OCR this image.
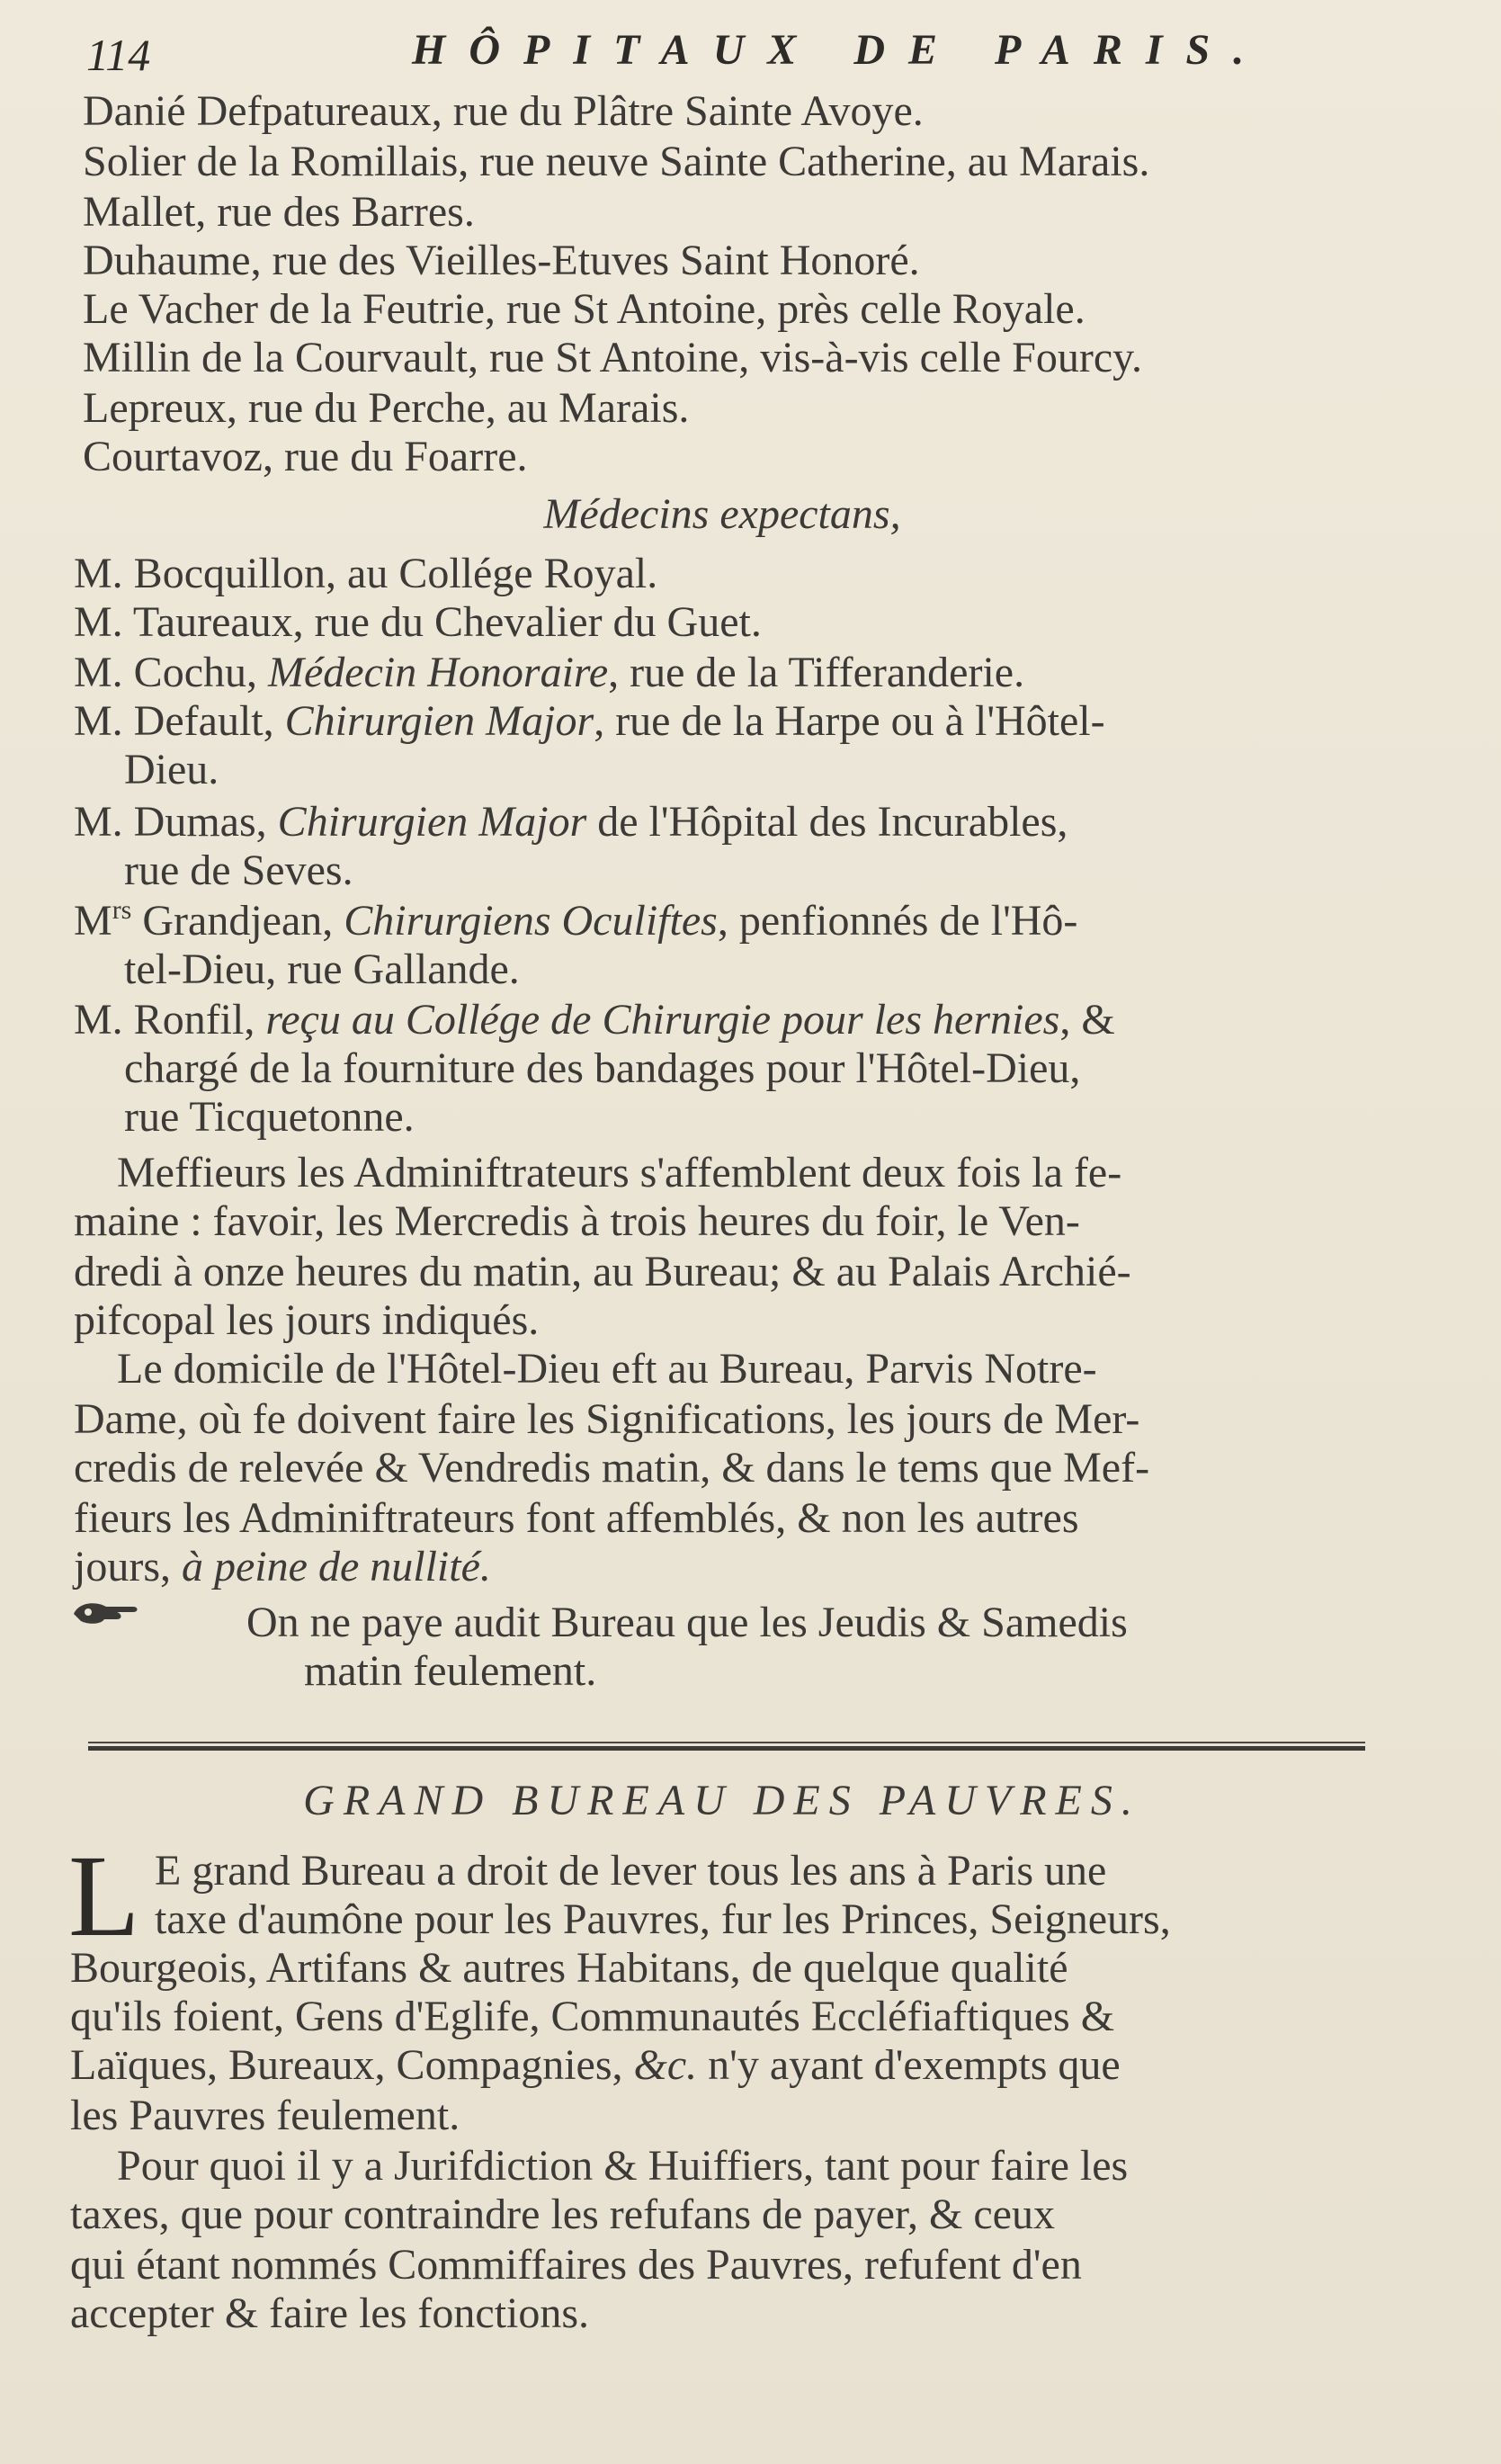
114	HÔPITAUX DE PARIS.
Danié Defpatureaux, rue du Plâtre Sainte Avoye.
Solier de la Romillais, rue neuve Sainte Catherine, au Marais.
Mallet, rue des Barres.
Duhaume, rue des Vieilles-Etuves Saint Honoré.
Le Vacher de la Feutrie, rue St Antoine, près celle Royale.
Millin de la Courvault, rue St Antoine, vis-à-vis celle Fourcy.
Lepreux, rue du Perche, au Marais.
Courtavoz, rue du Foarre.
Médecins expectans,
M. Bocquillon, au Collége Royal.
M. Taureaux, rue du Chevalier du Guet.
M. Cochu, Médecin Honoraire, rue de la Tifferanderie.
M. Default, Chirurgien Major, rue de la Harpe ou à l'Hôtel-
Dieu.
M. Dumas, Chirurgien Major de l'Hôpital des Incurables,
rue de Seves.
$M^{rs}$ Grandjean, Chirurgiens Oculiftes, penfionnés de l'Hô-
tel-Dieu, rue Gallande.
M. Ronfil, reçu au Collége de Chirurgie pour les hernies, &
chargé de la fourniture des bandages pour l'Hôtel-Dieu,
rue Ticquetonne.
Meffieurs les Adminiftrateurs s'affemblent deux fois la fe-
maine : favoir, les Mercredis à trois heures du foir, le Ven-
dredi à onze heures du matin, au Bureau; & au Palais Archié-
pifcopal les jours indiqués.
Le domicile de l'Hôtel-Dieu eft au Bureau, Parvis Notre-
Dame, où fe doivent faire les Significations, les jours de Mer-
credis de relevée & Vendredis matin, & dans le tems que Mef-
fieurs les Adminiftrateurs font affemblés, & non les autres
jours, à peine de nullité.
On ne paye audit Bureau que les Jeudis & Samedis
matin feulement.
GRAND BUREAU DES PAUVRES.
L E grand Bureau a droit de lever tous les ans à Paris une
taxe d'aumône pour les Pauvres, fur les Princes, Seigneurs,
Bourgeois, Artifans & autres Habitans, de quelque qualité
qu'ils foient, Gens d'Eglife, Communautés Eccléfiaftiques &
Laïques, Bureaux, Compagnies, &c. n'y ayant d'exempts que
les Pauvres feulement.
Pour quoi il y a Jurifdiction & Huiffiers, tant pour faire les
taxes, que pour contraindre les refufans de payer, & ceux
qui étant nommés Commiffaires des Pauvres, refufent d'en
accepter & faire les fonctions.
